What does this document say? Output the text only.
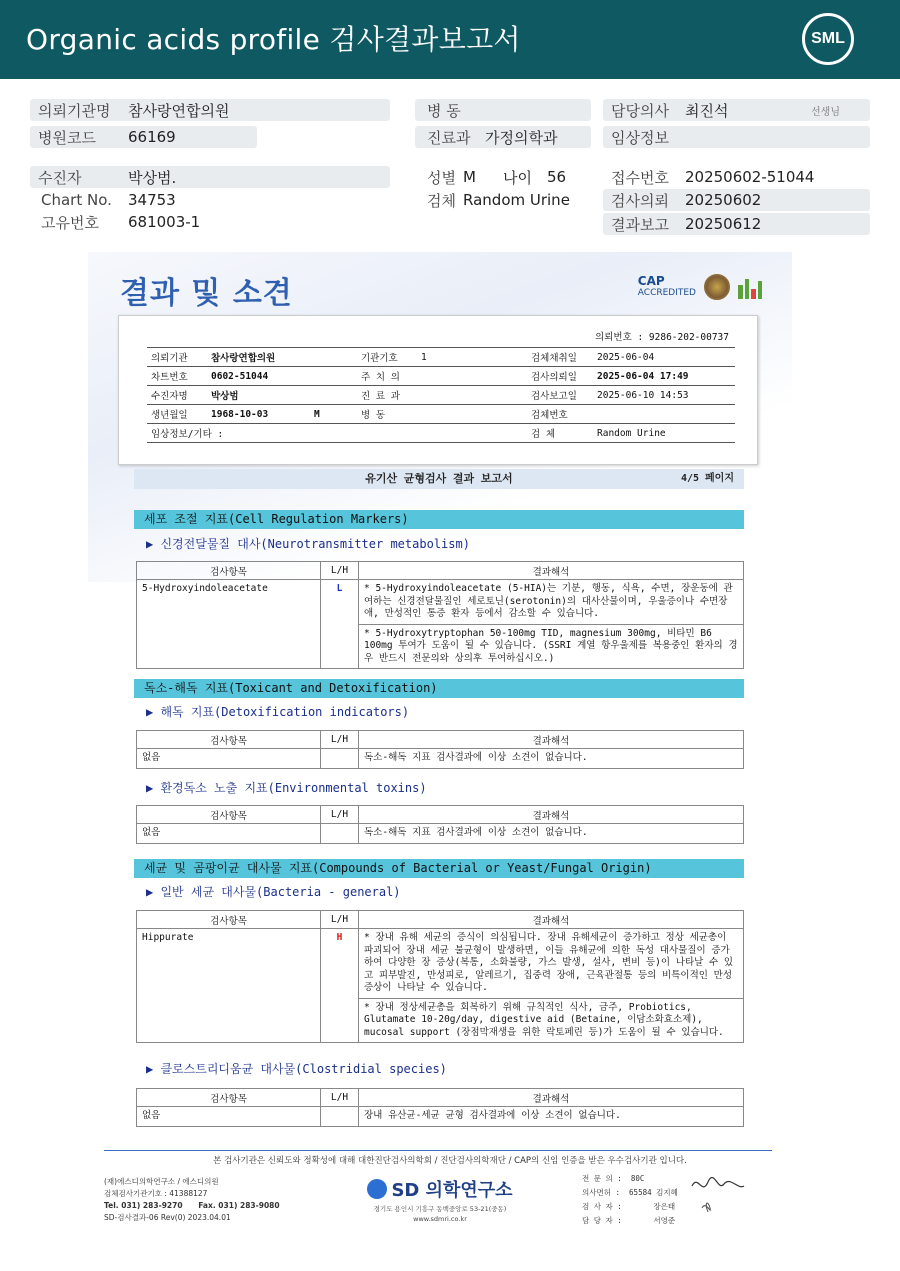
Organic acids profile 검사결과보고서	SML
의뢰기관명 참사랑연합의원	병 동	담당의사 최진석	선생님
병원코드 66169	진료과 가정의학과	임상정보
수진자	박상범.	성별 M 나이 56	접수번호 20250602-51044
Chart No. 34753	검체 Random Urine	검사의뢰 20250602
고유번호 681003-1	결과보고 20250612
결과 및 소견	CAP
ACCREDITED
의뢰번호 : 9286-202-00737
의뢰기관	참사랑연합의원	기관기호	1	검체채취일	2025-06-04
차트번호	0602-51044	주 치 의		검사의뢰일	2025-06-04 17:49
수진자명	박상범	진 료 과		검사보고일	2025-06-10 14:53
생년월일	1968-10-03        M	병 동		검체번호	
임상정보/기타 :				검 체	Random Urine
유기산 균형검사 결과 보고서	4/5 페이지
세포 조절 지표(Cell Regulation Markers)
▶ 신경전달물질 대사(Neurotransmitter metabolism)
검사항목	L/H	결과해석
5-Hydroxyindoleacetate	L	* 5-Hydroxyindoleacetate (5-HIA)는 기분, 행동, 식욕, 수면, 장운동에 관여하는 신경전달물질인 세로토닌(serotonin)의 대사산물이며, 우울증이나 수면장애, 만성적인 통증 환자 등에서 감소할 수 있습니다.
		* 5-Hydroxytryptophan 50-100mg TID, magnesium 300mg, 비타민 B6 100mg 투여가 도움이 될 수 있습니다. (SSRI 계열 항우울제를 복용중인 환자의 경우 반드시 전문의와 상의후 투여하십시오.)
독소-해독 지표(Toxicant and Detoxification)
▶ 해독 지표(Detoxification indicators)
검사항목	L/H	결과해석
없음		독소-해독 지표 검사결과에 이상 소견이 없습니다.
▶ 환경독소 노출 지표(Environmental toxins)
검사항목	L/H	결과해석
없음		독소-해독 지표 검사결과에 이상 소견이 없습니다.
세균 및 곰팡이균 대사물 지표(Compounds of Bacterial or Yeast/Fungal Origin)
▶ 일반 세균 대사물(Bacteria - general)
검사항목	L/H	결과해석
Hippurate	H	* 장내 유해 세균의 증식이 의심됩니다. 장내 유해세균이 증가하고 정상 세균총이 파괴되어 장내 세균 불균형이 발생하면, 이들 유해균에 의한 독성 대사물질이 증가하여 다양한 장 증상(복통, 소화불량, 가스 발생, 설사, 변비 등)이 나타날 수 있고 피부발진, 만성피로, 알레르기, 집중력 장애, 근육관절통 등의 비특이적인 만성증상이 나타날 수 있습니다.
		* 장내 정상세균총을 회복하기 위해 규칙적인 식사, 금주, Probiotics, Glutamate 10-20g/day, digestive aid (Betaine, 이담소화효소제), mucosal support (장점막재생을 위한 락토페린 등)가 도움이 될 수 있습니다.
▶ 클로스트리디움균 대사물(Clostridial species)
검사항목	L/H	결과해석
없음		장내 유산균-세균 균형 검사결과에 이상 소견이 없습니다.
본 검사기관은 신뢰도와 정확성에 대해 대한진단검사의학회 / 진단검사의학재단 / CAP의 신임 인증을 받은 우수검사기관 입니다.
(재)에스디의학연구소 / 에스디의원
검체검사기관기호 : 41388127
Tel. 031) 283-9270      Fax. 031) 283-9080
SD-검사결과-06 Rev(0) 2023.04.01
SD 의학연구소
경기도 용인시 기흥구 동백중앙로 53-21(중동)
www.sdmri.co.kr
전 문 의 :  80C
의사면허 :  65584 김지혜
검 사 자 :       장은태
담 당 자 :       서영준
